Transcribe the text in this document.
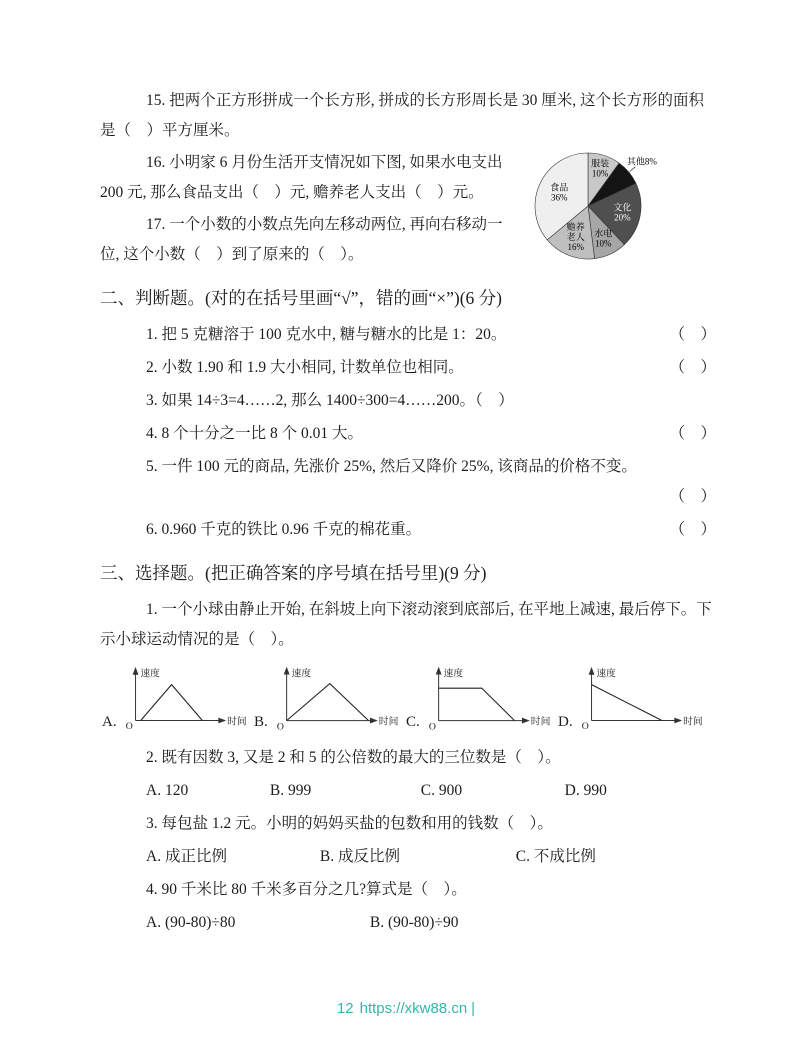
15. 把两个正方形拼成一个长方形, 拼成的长方形周长是 30 厘米, 这个长方形的面积是（　）平方厘米。

16. 小明家 6 月份生活开支情况如下图, 如果水电支出 200 元, 那么食品支出（　）元, 赡养老人支出（　）元。

服装
10%
其他8%
文化
20%
水电
10%
赡养
老人
16%
食品
36%

17. 一个小数的小数点先向左移动两位, 再向右移动一位, 这个小数（　）到了原来的（　）。

二、判断题。(对的在括号里画“√”，错的画“×”)(6 分)
1. 把 5 克糖溶于 100 克水中, 糖与糖水的比是 1：20。	（　）
2. 小数 1.90 和 1.9 大小相同, 计数单位也相同。	（　）
3. 如果 14÷3=4……2, 那么 1400÷300=4……200。（　）
4. 8 个十分之一比 8 个 0.01 大。	（　）
5. 一件 100 元的商品, 先涨价 25%, 然后又降价 25%, 该商品的价格不变。
（　）
6. 0.960 千克的铁比 0.96 千克的棉花重。	（　）
三、选择题。(把正确答案的序号填在括号里)(9 分)

1. 一个小球由静止开始, 在斜坡上向下滚动滚到底部后, 在平地上减速, 最后停下。下示小球运动情况的是（　）。

A.
速度
时间
O	B.
速度
时间
O	C.
速度
时间
O	D.
速度
时间
O

2. 既有因数 3, 又是 2 和 5 的公倍数的最大的三位数是（　）。

A. 120	B. 999	C. 900	D. 990

3. 每包盐 1.2 元。小明的妈妈买盐的包数和用的钱数（　）。

A. 成正比例	B. 成反比例	C. 不成比例

4. 90 千米比 80 千米多百分之几?算式是（　）。

A. (90-80)÷80	B. (90-80)÷90
12 https://xkw88.cn |
